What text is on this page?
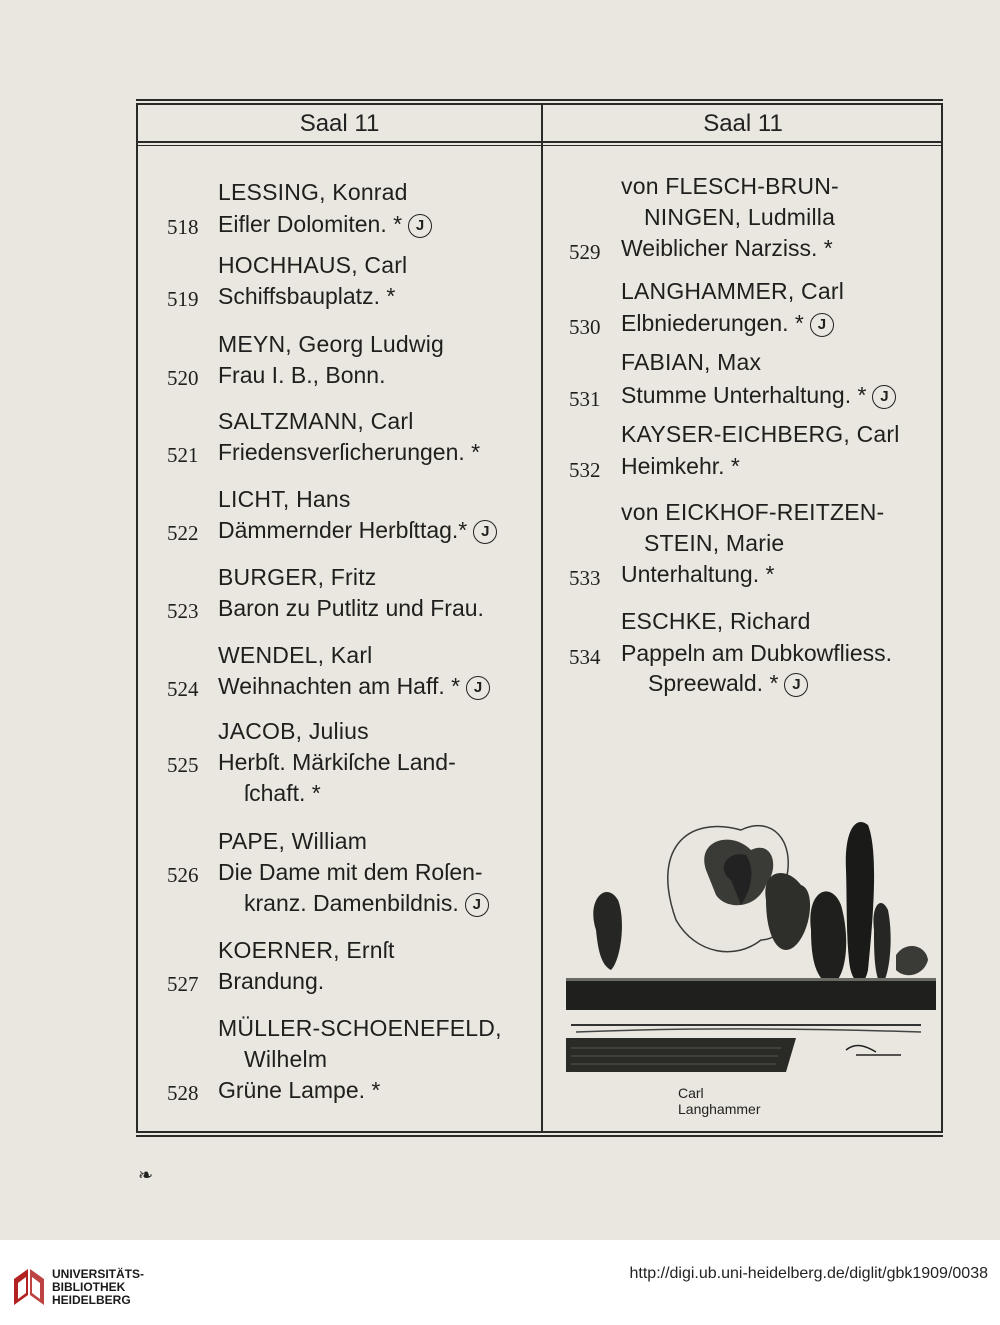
Saal 11	Saal 11
LESSING, Konrad
518 Eifler Dolomiten. * J
HOCHHAUS, Carl
519 Schiffsbauplatz. *
MEYN, Georg Ludwig
520 Frau I. B., Bonn.
SALTZMANN, Carl
521 Friedensverſicherungen. *
LICHT, Hans
522 Dämmernder Herbſttag.* J
BURGER, Fritz
523 Baron zu Putlitz und Frau.
WENDEL, Karl
524 Weihnachten am Haff. * J
JACOB, Julius
525 Herbſt. Märkiſche Land-
ſchaft. *
PAPE, William
526 Die Dame mit dem Roſen-
kranz. Damenbildnis. J
KOERNER, Ernſt
527 Brandung.
MÜLLER-SCHOENEFELD,
Wilhelm
528 Grüne Lampe. *
von FLESCH-BRUN-
NINGEN, Ludmilla
529 Weiblicher Narziss. *
LANGHAMMER, Carl
530 Elbniederungen. * J
FABIAN, Max
531 Stumme Unterhaltung. * J
KAYSER-EICHBERG, Carl
532 Heimkehr. *
von EICKHOF-REITZEN-
STEIN, Marie
533 Unterhaltung. *
ESCHKE, Richard
534 Pappeln am Dubkowfliess.
Spreewald. * J
Carl Langhammer
❧
UNIVERSITÄTS-
BIBLIOTHEK
HEIDELBERG
http://digi.ub.uni-heidelberg.de/diglit/gbk1909/0038
